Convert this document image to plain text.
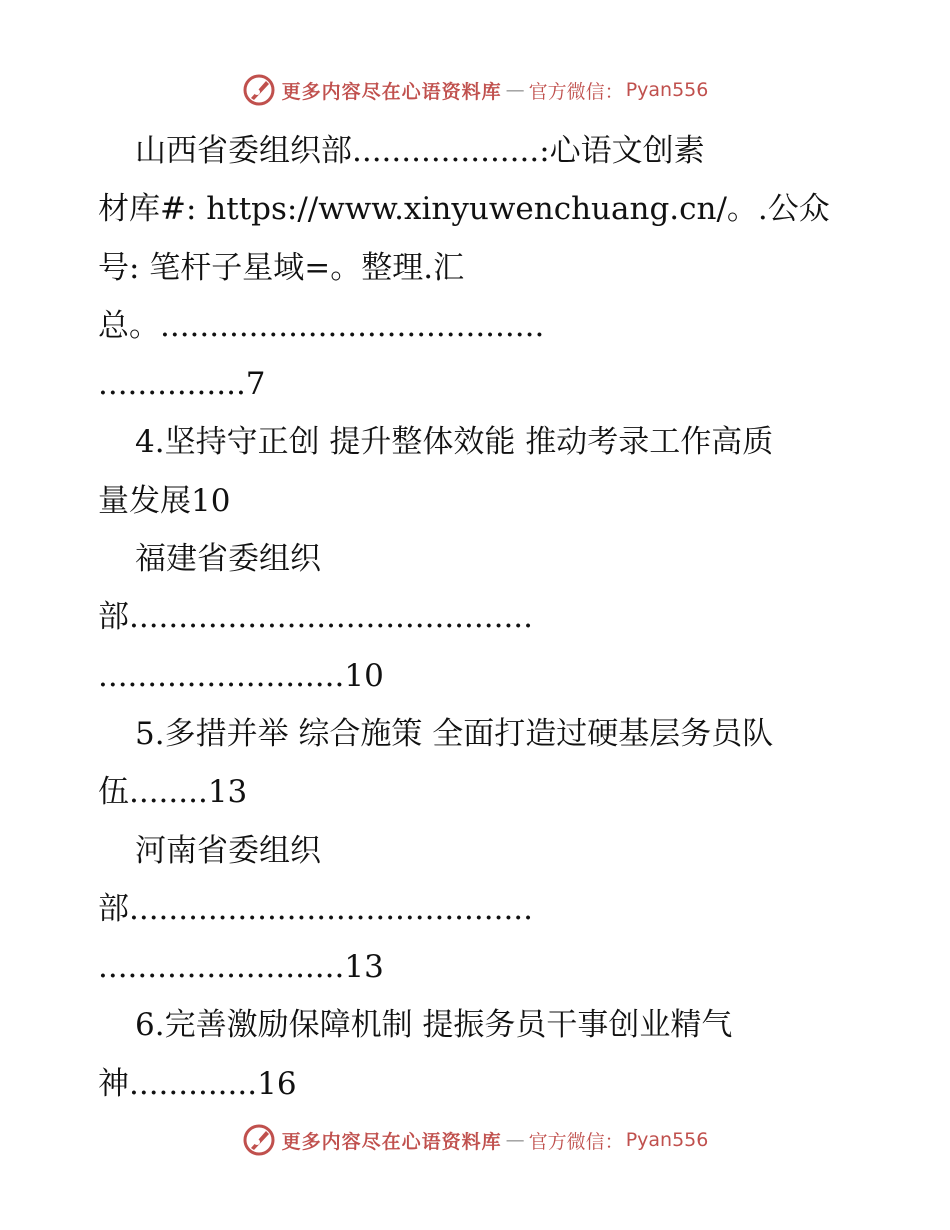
更多内容尽在心语资料库 — 官方微信： Pyan556
山西省委组织部...................:心语文创素
材库#: https://www.xinyuwenchuang.cn/。.公众
号: 笔杆子星域=。整理.汇
总。.......................................
...............7
4.坚持守正创 提升整体效能 推动考录工作高质
量发展10
福建省委组织
部.........................................
.........................10
5.多措并举 综合施策 全面打造过硬基层务员队
伍........13
河南省委组织
部.........................................
.........................13
6.完善激励保障机制 提振务员干事创业精气
神.............16
更多内容尽在心语资料库 — 官方微信： Pyan556
